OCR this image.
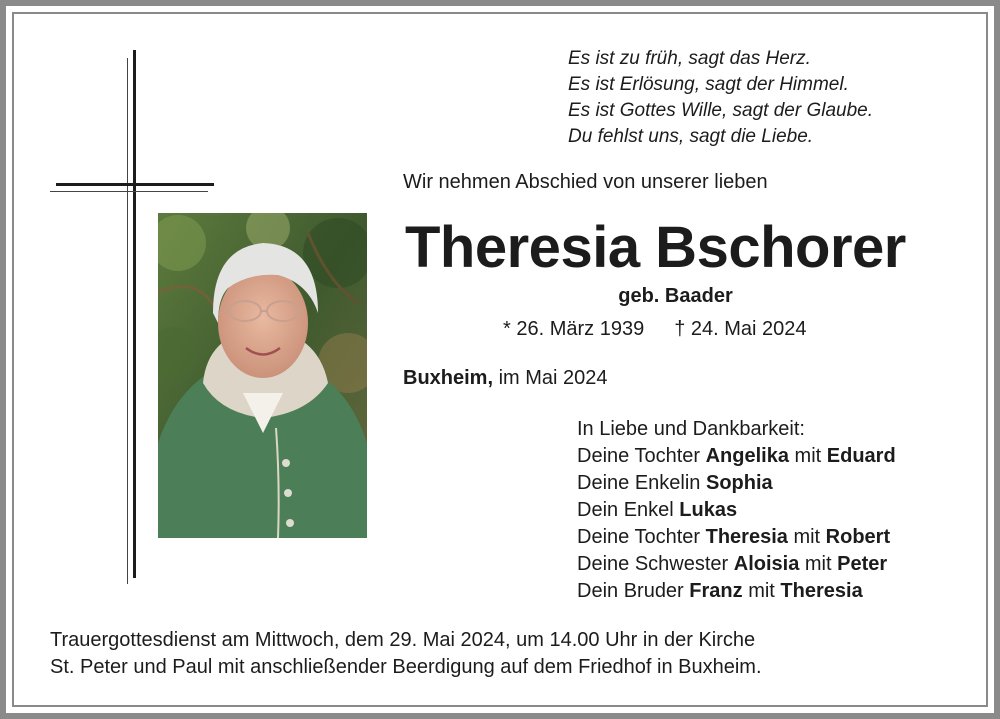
Es ist zu früh, sagt das Herz.
Es ist Erlösung, sagt der Himmel.
Es ist Gottes Wille, sagt der Glaube.
Du fehlst uns, sagt die Liebe.
Wir nehmen Abschied von unserer lieben
Theresia Bschorer
geb. Baader
* 26. März 1939 † 24. Mai 2024
Buxheim, im Mai 2024
In Liebe und Dankbarkeit:
Deine Tochter Angelika mit Eduard
Deine Enkelin Sophia
Dein Enkel Lukas
Deine Tochter Theresia mit Robert
Deine Schwester Aloisia mit Peter
Dein Bruder Franz mit Theresia
Trauergottesdienst am Mittwoch, dem 29. Mai 2024, um 14.00 Uhr in der Kirche
St. Peter und Paul mit anschließender Beerdigung auf dem Friedhof in Buxheim.
